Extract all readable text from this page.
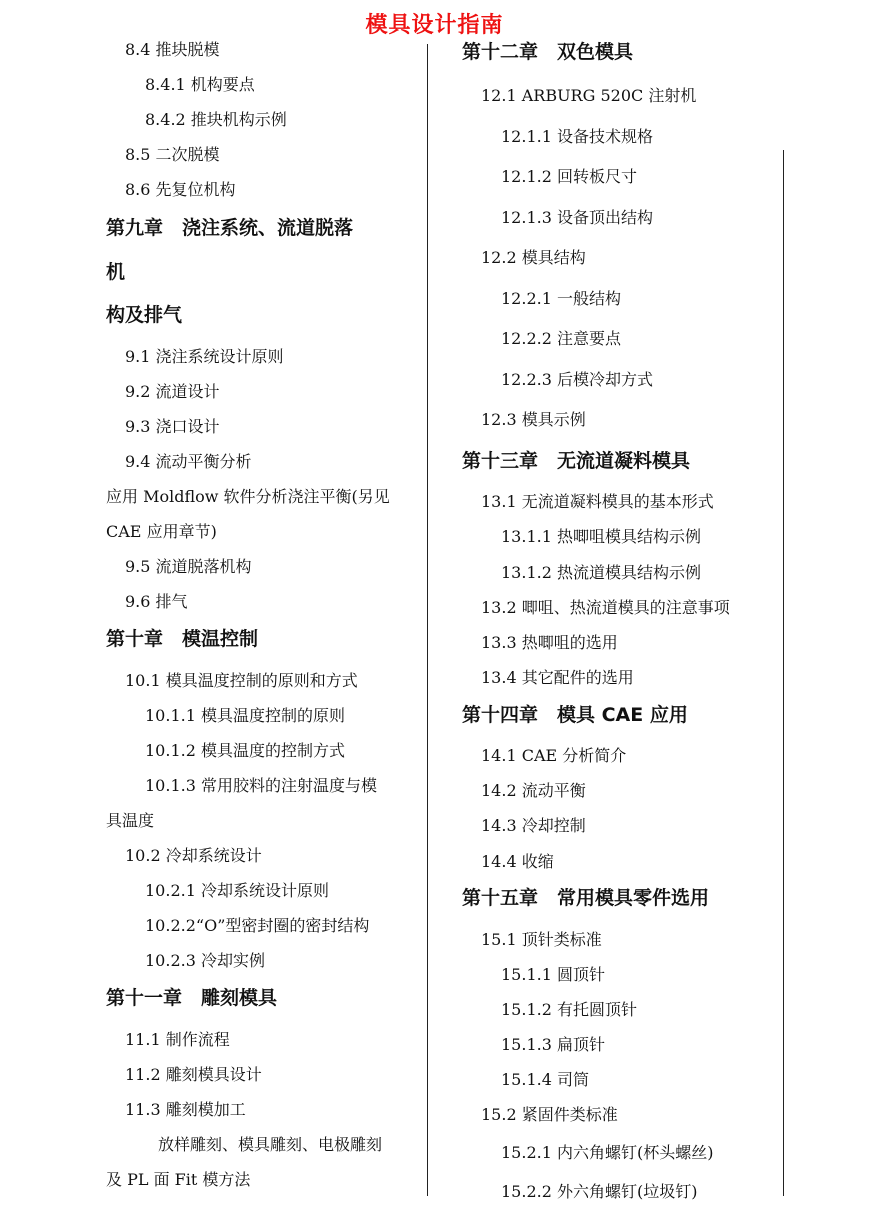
模具设计指南
8.4 推块脱模
8.4.1 机构要点
8.4.2 推块机构示例
8.5 二次脱模
8.6 先复位机构
第九章　浇注系统、流道脱落
机
构及排气
9.1 浇注系统设计原则
9.2 流道设计
9.3 浇口设计
9.4 流动平衡分析
应用 Moldflow 软件分析浇注平衡(另见
CAE 应用章节)
9.5 流道脱落机构
9.6 排气
第十章　模温控制
10.1 模具温度控制的原则和方式
10.1.1 模具温度控制的原则
10.1.2 模具温度的控制方式
10.1.3 常用胶料的注射温度与模
具温度
10.2 冷却系统设计
10.2.1 冷却系统设计原则
10.2.2“O”型密封圈的密封结构
10.2.3 冷却实例
第十一章　雕刻模具
11.1 制作流程
11.2 雕刻模具设计
11.3 雕刻模加工
放样雕刻、模具雕刻、电极雕刻
及 PL 面 Fit 模方法
第十二章　双色模具
12.1 ARBURG 520C 注射机
12.1.1 设备技术规格
12.1.2 回转板尺寸
12.1.3 设备顶出结构
12.2 模具结构
12.2.1 一般结构
12.2.2 注意要点
12.2.3 后模冷却方式
12.3 模具示例
第十三章　无流道凝料模具
13.1 无流道凝料模具的基本形式
13.1.1 热唧咀模具结构示例
13.1.2 热流道模具结构示例
13.2 唧咀、热流道模具的注意事项
13.3 热唧咀的选用
13.4 其它配件的选用
第十四章　模具 CAE 应用
14.1 CAE 分析简介
14.2 流动平衡
14.3 冷却控制
14.4 收缩
第十五章　常用模具零件选用
15.1 顶针类标准
15.1.1 圆顶针
15.1.2 有托圆顶针
15.1.3 扁顶针
15.1.4 司筒
15.2 紧固件类标准
15.2.1 内六角螺钉(杯头螺丝)
15.2.2 外六角螺钉(垃圾钉)
